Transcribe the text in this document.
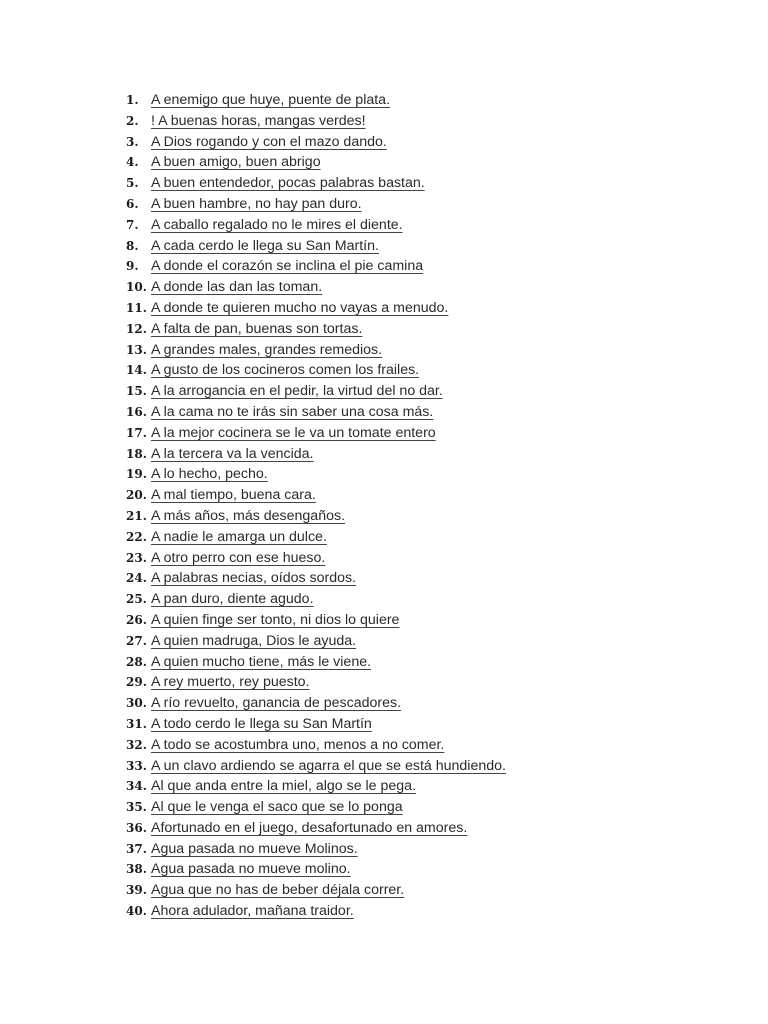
1. A enemigo que huye, puente de plata.
2. ! A buenas horas, mangas verdes!
3. A Dios rogando y con el mazo dando.
4. A buen amigo, buen abrigo
5. A buen entendedor, pocas palabras bastan.
6. A buen hambre, no hay pan duro.
7. A caballo regalado no le mires el diente.
8. A cada cerdo le llega su San Martín.
9. A donde el corazón se inclina el pie camina
10. A donde las dan las toman.
11. A donde te quieren mucho no vayas a menudo.
12. A falta de pan, buenas son tortas.
13. A grandes males, grandes remedios.
14. A gusto de los cocineros comen los frailes.
15. A la arrogancia en el pedir, la virtud del no dar.
16. A la cama no te irás sin saber una cosa más.
17. A la mejor cocinera se le va un tomate entero
18. A la tercera va la vencida.
19. A lo hecho, pecho.
20. A mal tiempo, buena cara.
21. A más años, más desengaños.
22. A nadie le amarga un dulce.
23. A otro perro con ese hueso.
24. A palabras necias, oídos sordos.
25. A pan duro, diente agudo.
26. A quien finge ser tonto, ni dios lo quiere
27. A quien madruga, Dios le ayuda.
28. A quien mucho tiene, más le viene.
29. A rey muerto, rey puesto.
30. A río revuelto, ganancia de pescadores.
31. A todo cerdo le llega su San Martín
32. A todo se acostumbra uno, menos a no comer.
33. A un clavo ardiendo se agarra el que se está hundiendo.
34. Al que anda entre la miel, algo se le pega.
35. Al que le venga el saco que se lo ponga
36. Afortunado en el juego, desafortunado en amores.
37. Agua pasada no mueve Molinos.
38. Agua pasada no mueve molino.
39. Agua que no has de beber déjala correr.
40. Ahora adulador, mañana traidor.
